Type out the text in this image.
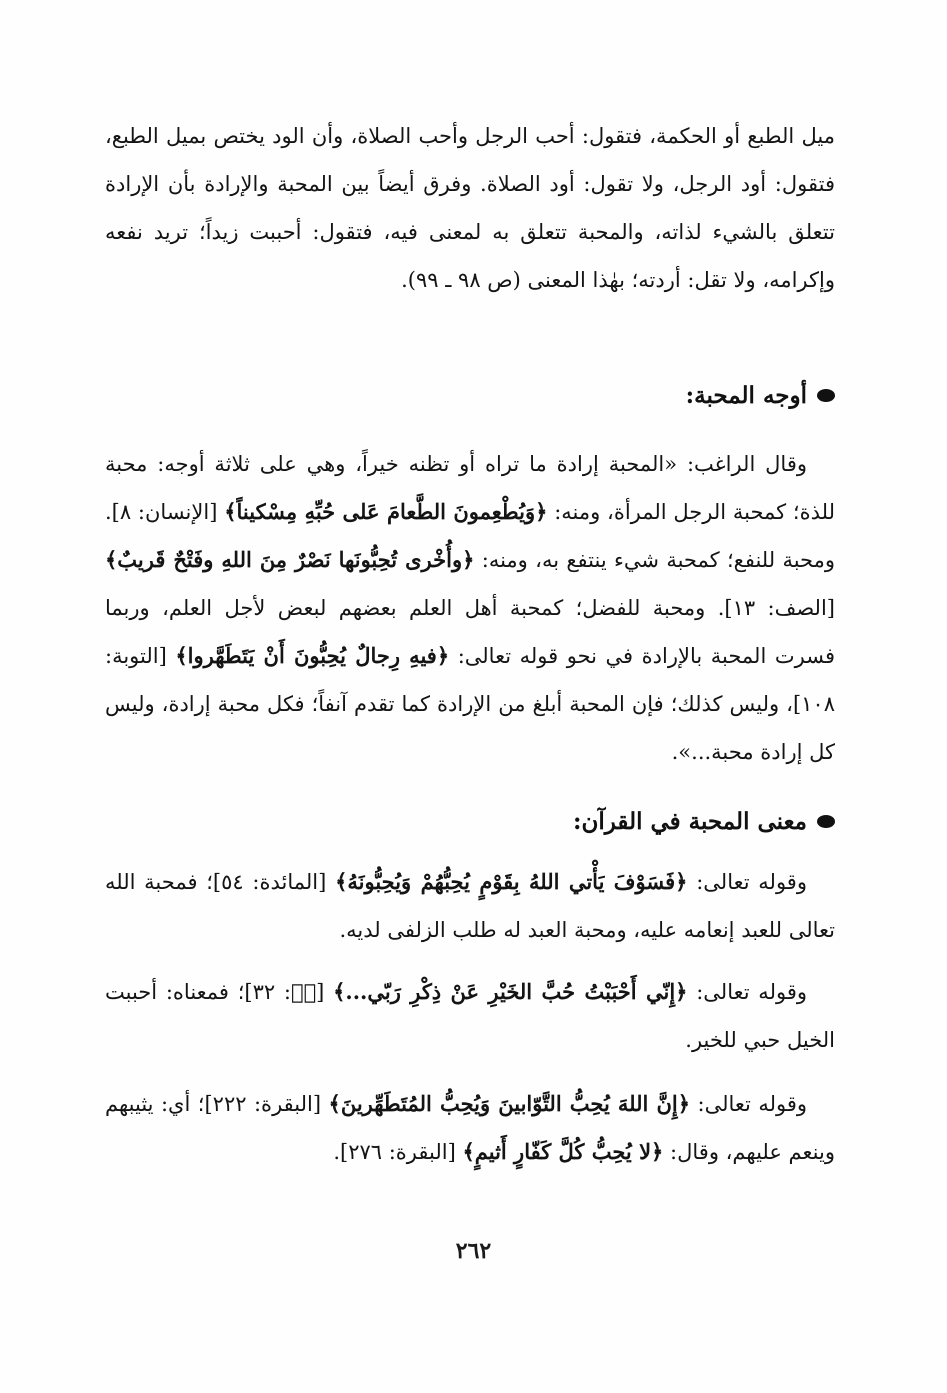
ميل الطبع أو الحكمة، فتقول: أحب الرجل وأحب الصلاة، وأن الود يختص بميل الطبع، فتقول: أود الرجل، ولا تقول: أود الصلاة. وفرق أيضاً بين المحبة والإرادة بأن الإرادة تتعلق بالشيء لذاته، والمحبة تتعلق به لمعنى فيه، فتقول: أحببت زيداً؛ تريد نفعه وإكرامه، ولا تقل: أردته؛ بهٰذا المعنى (ص ٩٨ ـ ٩٩).

أوجه المحبة:

وقال الراغب: «المحبة إرادة ما تراه أو تظنه خيراً، وهي على ثلاثة أوجه: محبة للذة؛ كمحبة الرجل المرأة، ومنه: ﴿وَيُطْعِمونَ الطَّعامَ عَلى حُبِّهِ مِسْكيناً﴾ [الإنسان: ٨]. ومحبة للنفع؛ كمحبة شيء ينتفع به، ومنه: ﴿وأُخْرى تُحِبُّونَها نَصْرٌ مِنَ اللهِ وفَتْحٌ قَريبٌ﴾ [الصف: ١٣]. ومحبة للفضل؛ كمحبة أهل العلم بعضهم لبعض لأجل العلم، وربما فسرت المحبة بالإرادة في نحو قوله تعالى: ﴿فيهِ رِجالٌ يُحِبُّونَ أَنْ يَتَطَهَّروا﴾ [التوبة: ١٠٨]، وليس كذلك؛ فإن المحبة أبلغ من الإرادة كما تقدم آنفاً؛ فكل محبة إرادة، وليس كل إرادة محبة...».

معنى المحبة في القرآن:

وقوله تعالى: ﴿فَسَوْفَ يَأْتي اللهُ بِقَوْمٍ يُحِبُّهُمْ وَيُحِبُّونَهُ﴾ [المائدة: ٥٤]؛ فمحبة الله تعالى للعبد إنعامه عليه، ومحبة العبد له طلب الزلفى لديه.

وقوله تعالى: ﴿إِنّي أَحْبَبْتُ حُبَّ الخَيْرِ عَنْ ذِكْرِ رَبّي...﴾ [صۤ: ٣٢]؛ فمعناه: أحببت الخيل حبي للخير.

وقوله تعالى: ﴿إِنَّ اللهَ يُحِبُّ التَّوّابينَ وَيُحِبُّ المُتَطَهِّرينَ﴾ [البقرة: ٢٢٢]؛ أي: يثيبهم وينعم عليهم، وقال: ﴿لا يُحِبُّ كُلَّ كَفّارٍ أَثيمٍ﴾ [البقرة: ٢٧٦].

٢٦٢
